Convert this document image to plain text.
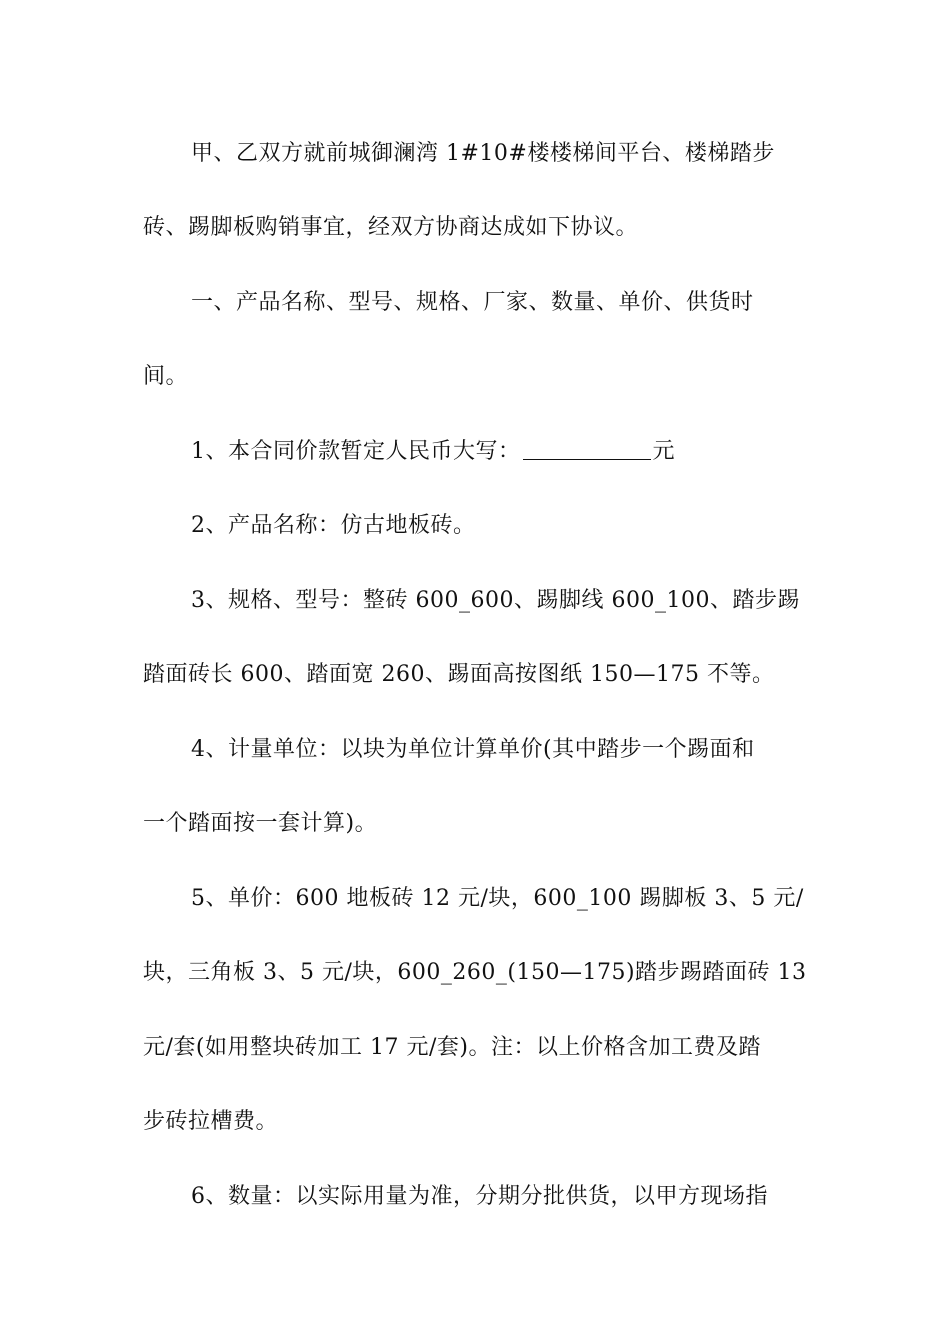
甲、乙双方就前城御澜湾 1#10#楼楼梯间平台、楼梯踏步
砖、踢脚板购销事宜，经双方协商达成如下协议。
一、产品名称、型号、规格、厂家、数量、单价、供货时
间。
1、本合同价款暂定人民币大写：	元
2、产品名称：仿古地板砖。
3、规格、型号：整砖 600_600、踢脚线 600_100、踏步踢
踏面砖长 600、踏面宽 260、踢面高按图纸 150—175 不等。
4、计量单位：以块为单位计算单价(其中踏步一个踢面和
一个踏面按一套计算)。
5、单价：600 地板砖 12 元/块，600_100 踢脚板 3、5 元/
块，三角板 3、5 元/块，600_260_(150—175)踏步踢踏面砖 13
元/套(如用整块砖加工 17 元/套)。注：以上价格含加工费及踏
步砖拉槽费。
6、数量：以实际用量为准，分期分批供货，以甲方现场指
